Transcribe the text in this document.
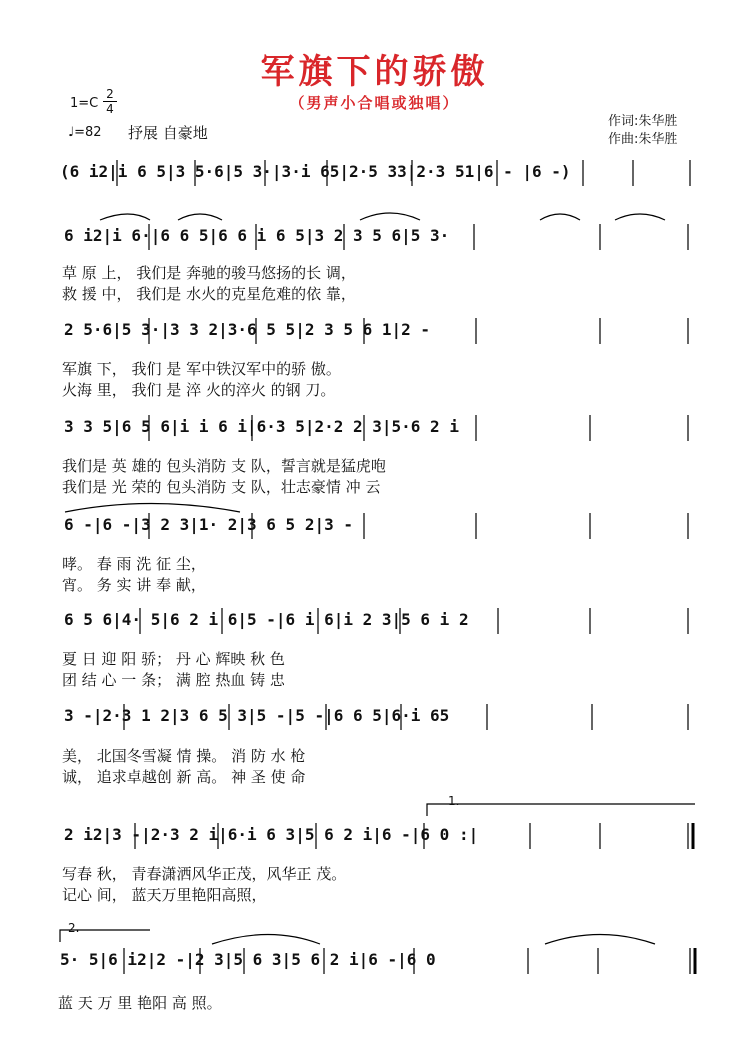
军旗下的骄傲
（男声小合唱或独唱）
1=C
2
4
♩=82 抒展 自豪地
作词:朱华胜
作曲:朱华胜
(6 i2|i 6 5|3 5·6|5 3·|3·i 65|2·5 33|2·3 51|6 - |6 -)
6 i2|i 6·|6 6 5|6 6 i 6 5|3 2 3 5 6|5 3·
草 原 上， 我们是 奔驰的骏马悠扬的长 调，
救 援 中， 我们是 水火的克星危难的依 靠，
2 5·6|5 3·|3 3 2|3·6 5 5|2 3 5 6 1|2 -
军旗 下， 我们 是 军中铁汉军中的骄 傲。
火海 里， 我们 是 淬 火的淬火 的钢 刀。
3 3 5|6 5 6|i i 6 i|6·3 5|2·2 2 3|5·6 2 i
我们是 英 雄的 包头消防 支 队，誓言就是猛虎咆
我们是 光 荣的 包头消防 支 队，壮志豪情 冲 云
6 -|6 -|3 2 3|1· 2|3 6 5 2|3 -
哮。 春 雨 洗 征 尘，
宵。 务 实 讲 奉 献，
6 5 6|4· 5|6 2 i 6|5 -|6 i 6|i 2 3|5 6 i 2
夏 日 迎 阳 骄； 丹 心 辉映 秋 色
团 结 心 一 条； 满 腔 热血 铸 忠
3 -|2·3 1 2|3 6 5 3|5 -|5 -|6 6 5|6·i 65
美， 北国冬雪凝 情 操。 消 防 水 枪
诚， 追求卓越创 新 高。 神 圣 使 命
1.
2 i2|3 -|2·3 2 i|6·i 6 3|5 6 2 i|6 -|6 0 :|
写春 秋， 青春潇洒风华正茂，风华正 茂。
记心 间， 蓝天万里艳阳高照，
2.
5· 5|6 i2|2 -|2 3|5 6 3|5 6 2 i|6 -|6 0
蓝 天 万 里 艳阳 高 照。
